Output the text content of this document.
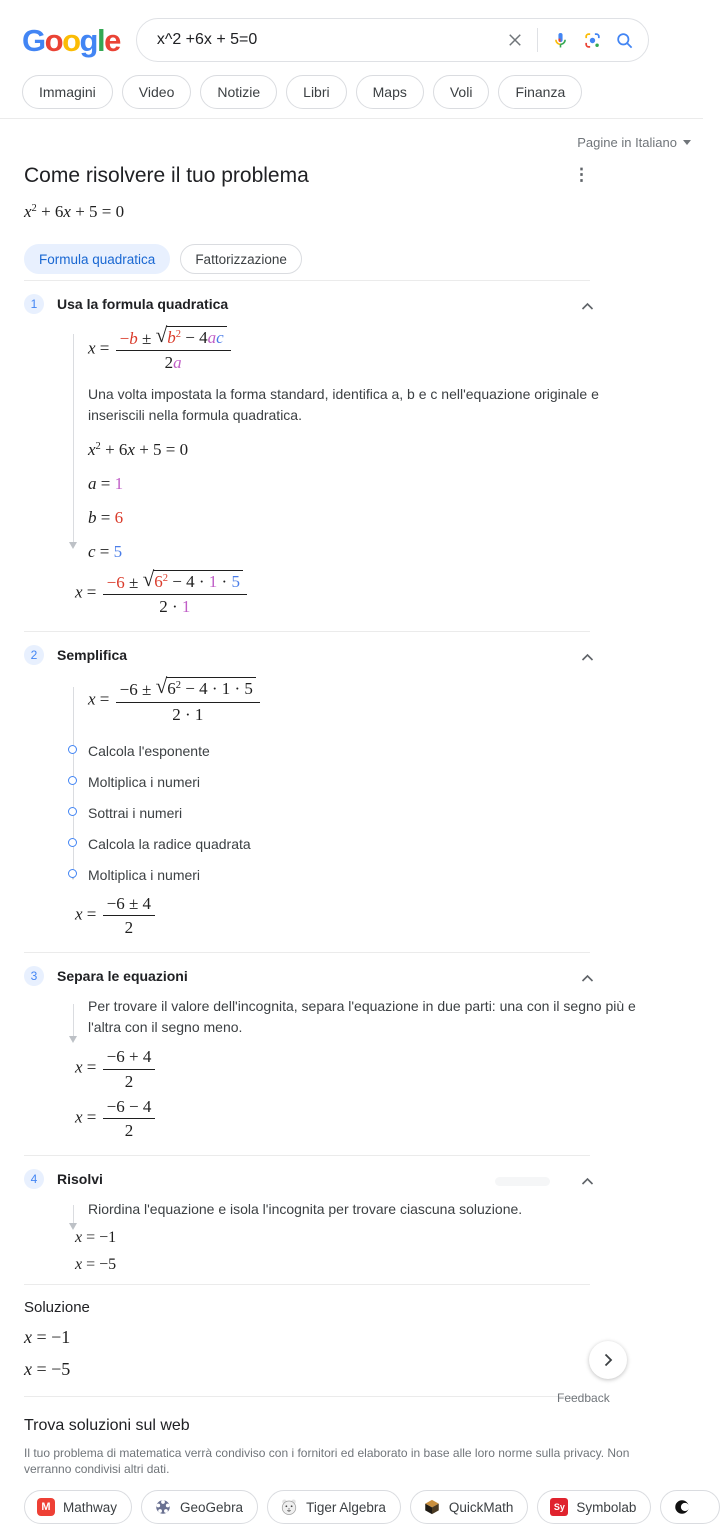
Google x^2 +6x + 5=0
Immagini	Video	Notizie	Libri	Maps	Voli	Finanza
Pagine in Italiano
Come risolvere il tuo problema	⋮
$x^2 + 6x + 5 = 0$
Formula quadratica	Fattorizzazione
1	Usa la formula quadratica
$x = \frac{-b \pm √ b^2 - 4ac}{2a}$
Una volta impostata la forma standard, identifica a, b e c nell'equazione originale e inseriscili nella formula quadratica.
$x^2 + 6x + 5 = 0$
a = 1
b = 6
c = 5
$x = \frac{-6 \pm √ 6^2 - 4 \cdot 1 \cdot 5}{2 \cdot 1}$
2	Semplifica
$x = \frac{-6 \pm √ 6^2 - 4 \cdot 1 \cdot 5}{2 \cdot 1}$
Calcola l'esponente
Moltiplica i numeri
Sottrai i numeri
Calcola la radice quadrata
Moltiplica i numeri
$x = \frac{-6 \pm 4}{2}$
3	Separa le equazioni
Per trovare il valore dell'incognita, separa l'equazione in due parti: una con il segno più e l'altra con il segno meno.
$x = \frac{-6 + 4}{2}$
$x = \frac{-6 - 4}{2}$
4	Risolvi
Riordina l'equazione e isola l'incognita per trovare ciascuna soluzione.
x = −1
x = −5
Soluzione
x = −1
x = −5
Trova soluzioni sul web
Il tuo problema di matematica verrà condiviso con i fornitori ed elaborato in base alle loro norme sulla privacy. Non verranno condivisi altri dati.
M Mathway	GeoGebra	Tiger Algebra	QuickMath	Sy Symbolab
Feedback
